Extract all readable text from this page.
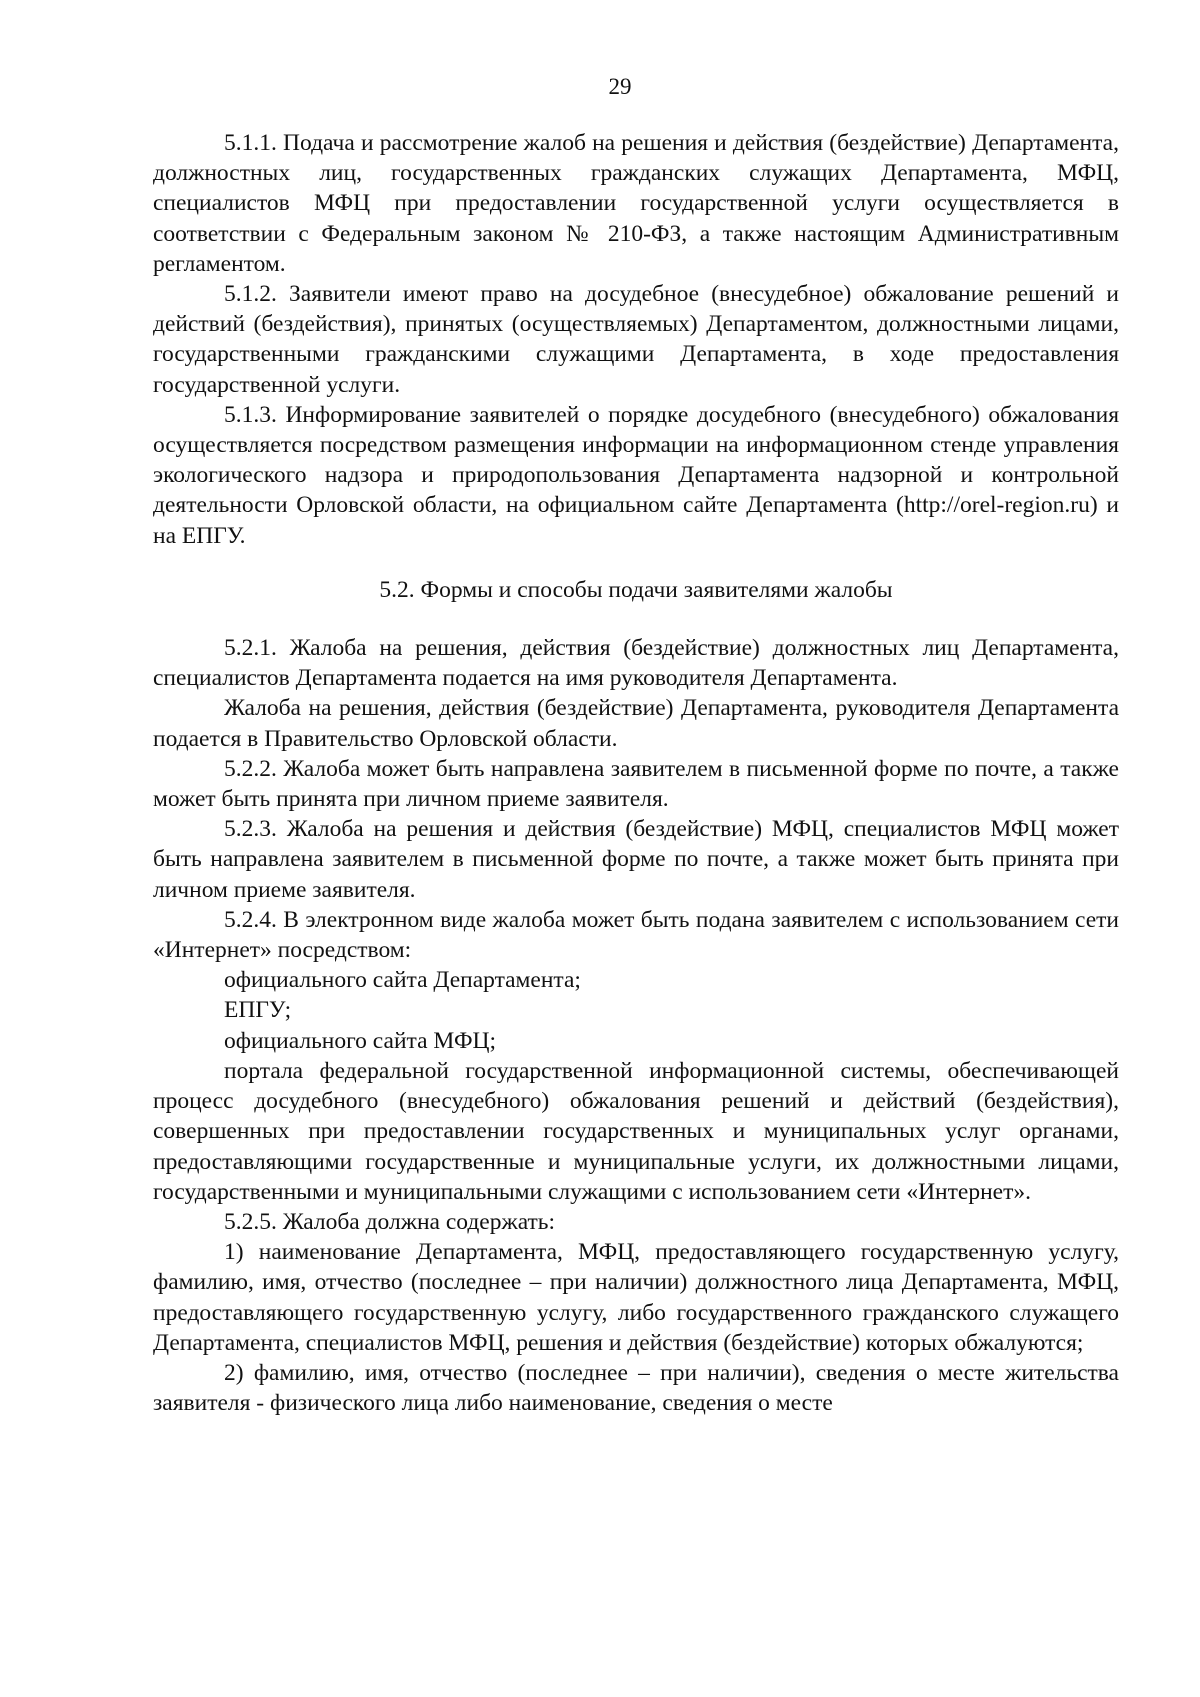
29

5.1.1. Подача и рассмотрение жалоб на решения и действия (бездействие) Департамента, должностных лиц, государственных гражданских служащих Департамента, МФЦ, специалистов МФЦ при предоставлении государственной услуги осуществляется в соответствии с Федеральным законом № 210-ФЗ, а также настоящим Административным регламентом.

5.1.2. Заявители имеют право на досудебное (внесудебное) обжалование решений и действий (бездействия), принятых (осуществляемых) Департаментом, должностными лицами, государственными гражданскими служащими Департамента, в ходе предоставления государственной услуги.

5.1.3. Информирование заявителей о порядке досудебного (внесудебного) обжалования осуществляется посредством размещения информации на информационном стенде управления экологического надзора и природопользования Департамента надзорной и контрольной деятельности Орловской области, на официальном сайте Департамента (http://orel-region.ru) и на ЕПГУ.

5.2. Формы и способы подачи заявителями жалобы

5.2.1. Жалоба на решения, действия (бездействие) должностных лиц Департамента, специалистов Департамента подается на имя руководителя Департамента.

Жалоба на решения, действия (бездействие) Департамента, руководителя Департамента подается в Правительство Орловской области.

5.2.2. Жалоба может быть направлена заявителем в письменной форме по почте, а также может быть принята при личном приеме заявителя.

5.2.3. Жалоба на решения и действия (бездействие) МФЦ, специалистов МФЦ может быть направлена заявителем в письменной форме по почте, а также может быть принята при личном приеме заявителя.

5.2.4. В электронном виде жалоба может быть подана заявителем с использованием сети «Интернет» посредством:

официального сайта Департамента;

ЕПГУ;

официального сайта МФЦ;

портала федеральной государственной информационной системы, обеспечивающей процесс досудебного (внесудебного) обжалования решений и действий (бездействия), совершенных при предоставлении государственных и муниципальных услуг органами, предоставляющими государственные и муниципальные услуги, их должностными лицами, государственными и муниципальными служащими с использованием сети «Интернет».

5.2.5. Жалоба должна содержать:

1) наименование Департамента, МФЦ, предоставляющего государственную услугу, фамилию, имя, отчество (последнее – при наличии) должностного лица Департамента, МФЦ, предоставляющего государственную услугу, либо государственного гражданского служащего Департамента, специалистов МФЦ, решения и действия (бездействие) которых обжалуются;

2) фамилию, имя, отчество (последнее – при наличии), сведения о месте жительства заявителя - физического лица либо наименование, сведения о месте
